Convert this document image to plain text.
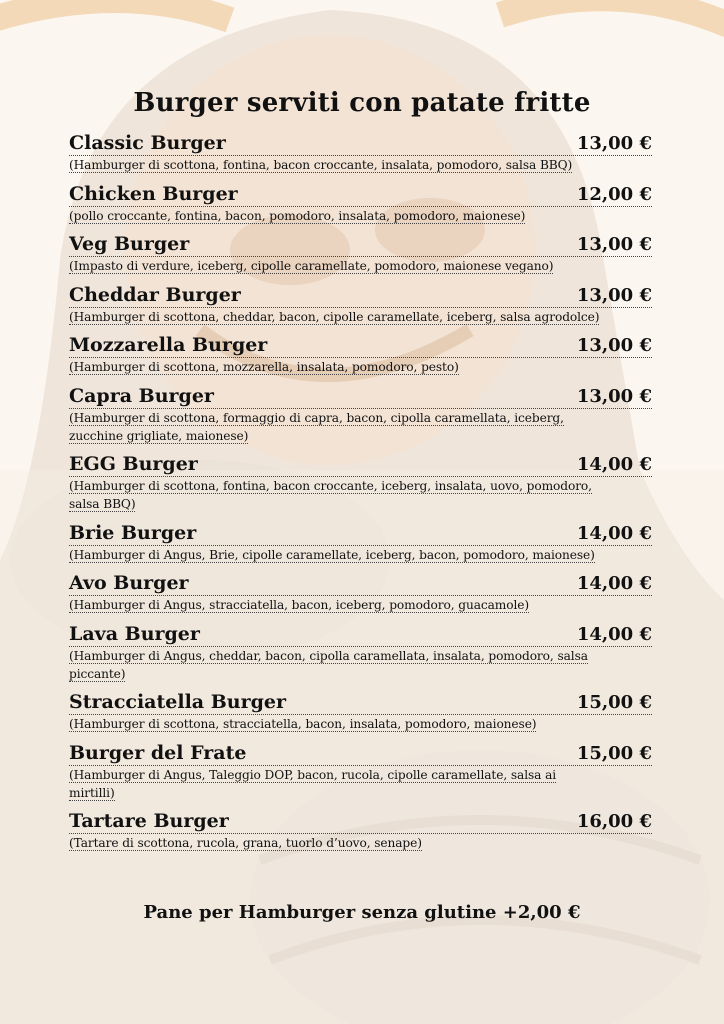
Burger serviti con patate fritte
Classic Burger	13,00 €
(Hamburger di scottona, fontina, bacon croccante, insalata, pomodoro, salsa BBQ)
Chicken Burger	12,00 €
(pollo croccante, fontina, bacon, pomodoro, insalata, pomodoro, maionese)
Veg Burger	13,00 €
(Impasto di verdure, iceberg, cipolle caramellate, pomodoro, maionese vegano)
Cheddar Burger	13,00 €
(Hamburger di scottona, cheddar, bacon, cipolle caramellate, iceberg, salsa agrodolce)
Mozzarella Burger	13,00 €
(Hamburger di scottona, mozzarella, insalata, pomodoro, pesto)
Capra Burger	13,00 €
(Hamburger di scottona, formaggio di capra, bacon, cipolla caramellata, iceberg,
zucchine grigliate, maionese)
EGG Burger	14,00 €
(Hamburger di scottona, fontina, bacon croccante, iceberg, insalata, uovo, pomodoro,
salsa BBQ)
Brie Burger	14,00 €
(Hamburger di Angus, Brie, cipolle caramellate, iceberg, bacon, pomodoro, maionese)
Avo Burger	14,00 €
(Hamburger di Angus, stracciatella, bacon, iceberg, pomodoro, guacamole)
Lava Burger	14,00 €
(Hamburger di Angus, cheddar, bacon, cipolla caramellata, insalata, pomodoro, salsa
piccante)
Stracciatella Burger	15,00 €
(Hamburger di scottona, stracciatella, bacon, insalata, pomodoro, maionese)
Burger del Frate	15,00 €
(Hamburger di Angus, Taleggio DOP, bacon, rucola, cipolle caramellate, salsa ai
mirtilli)
Tartare Burger	16,00 €
(Tartare di scottona, rucola, grana, tuorlo d’uovo, senape)
Pane per Hamburger senza glutine +2,00 €
